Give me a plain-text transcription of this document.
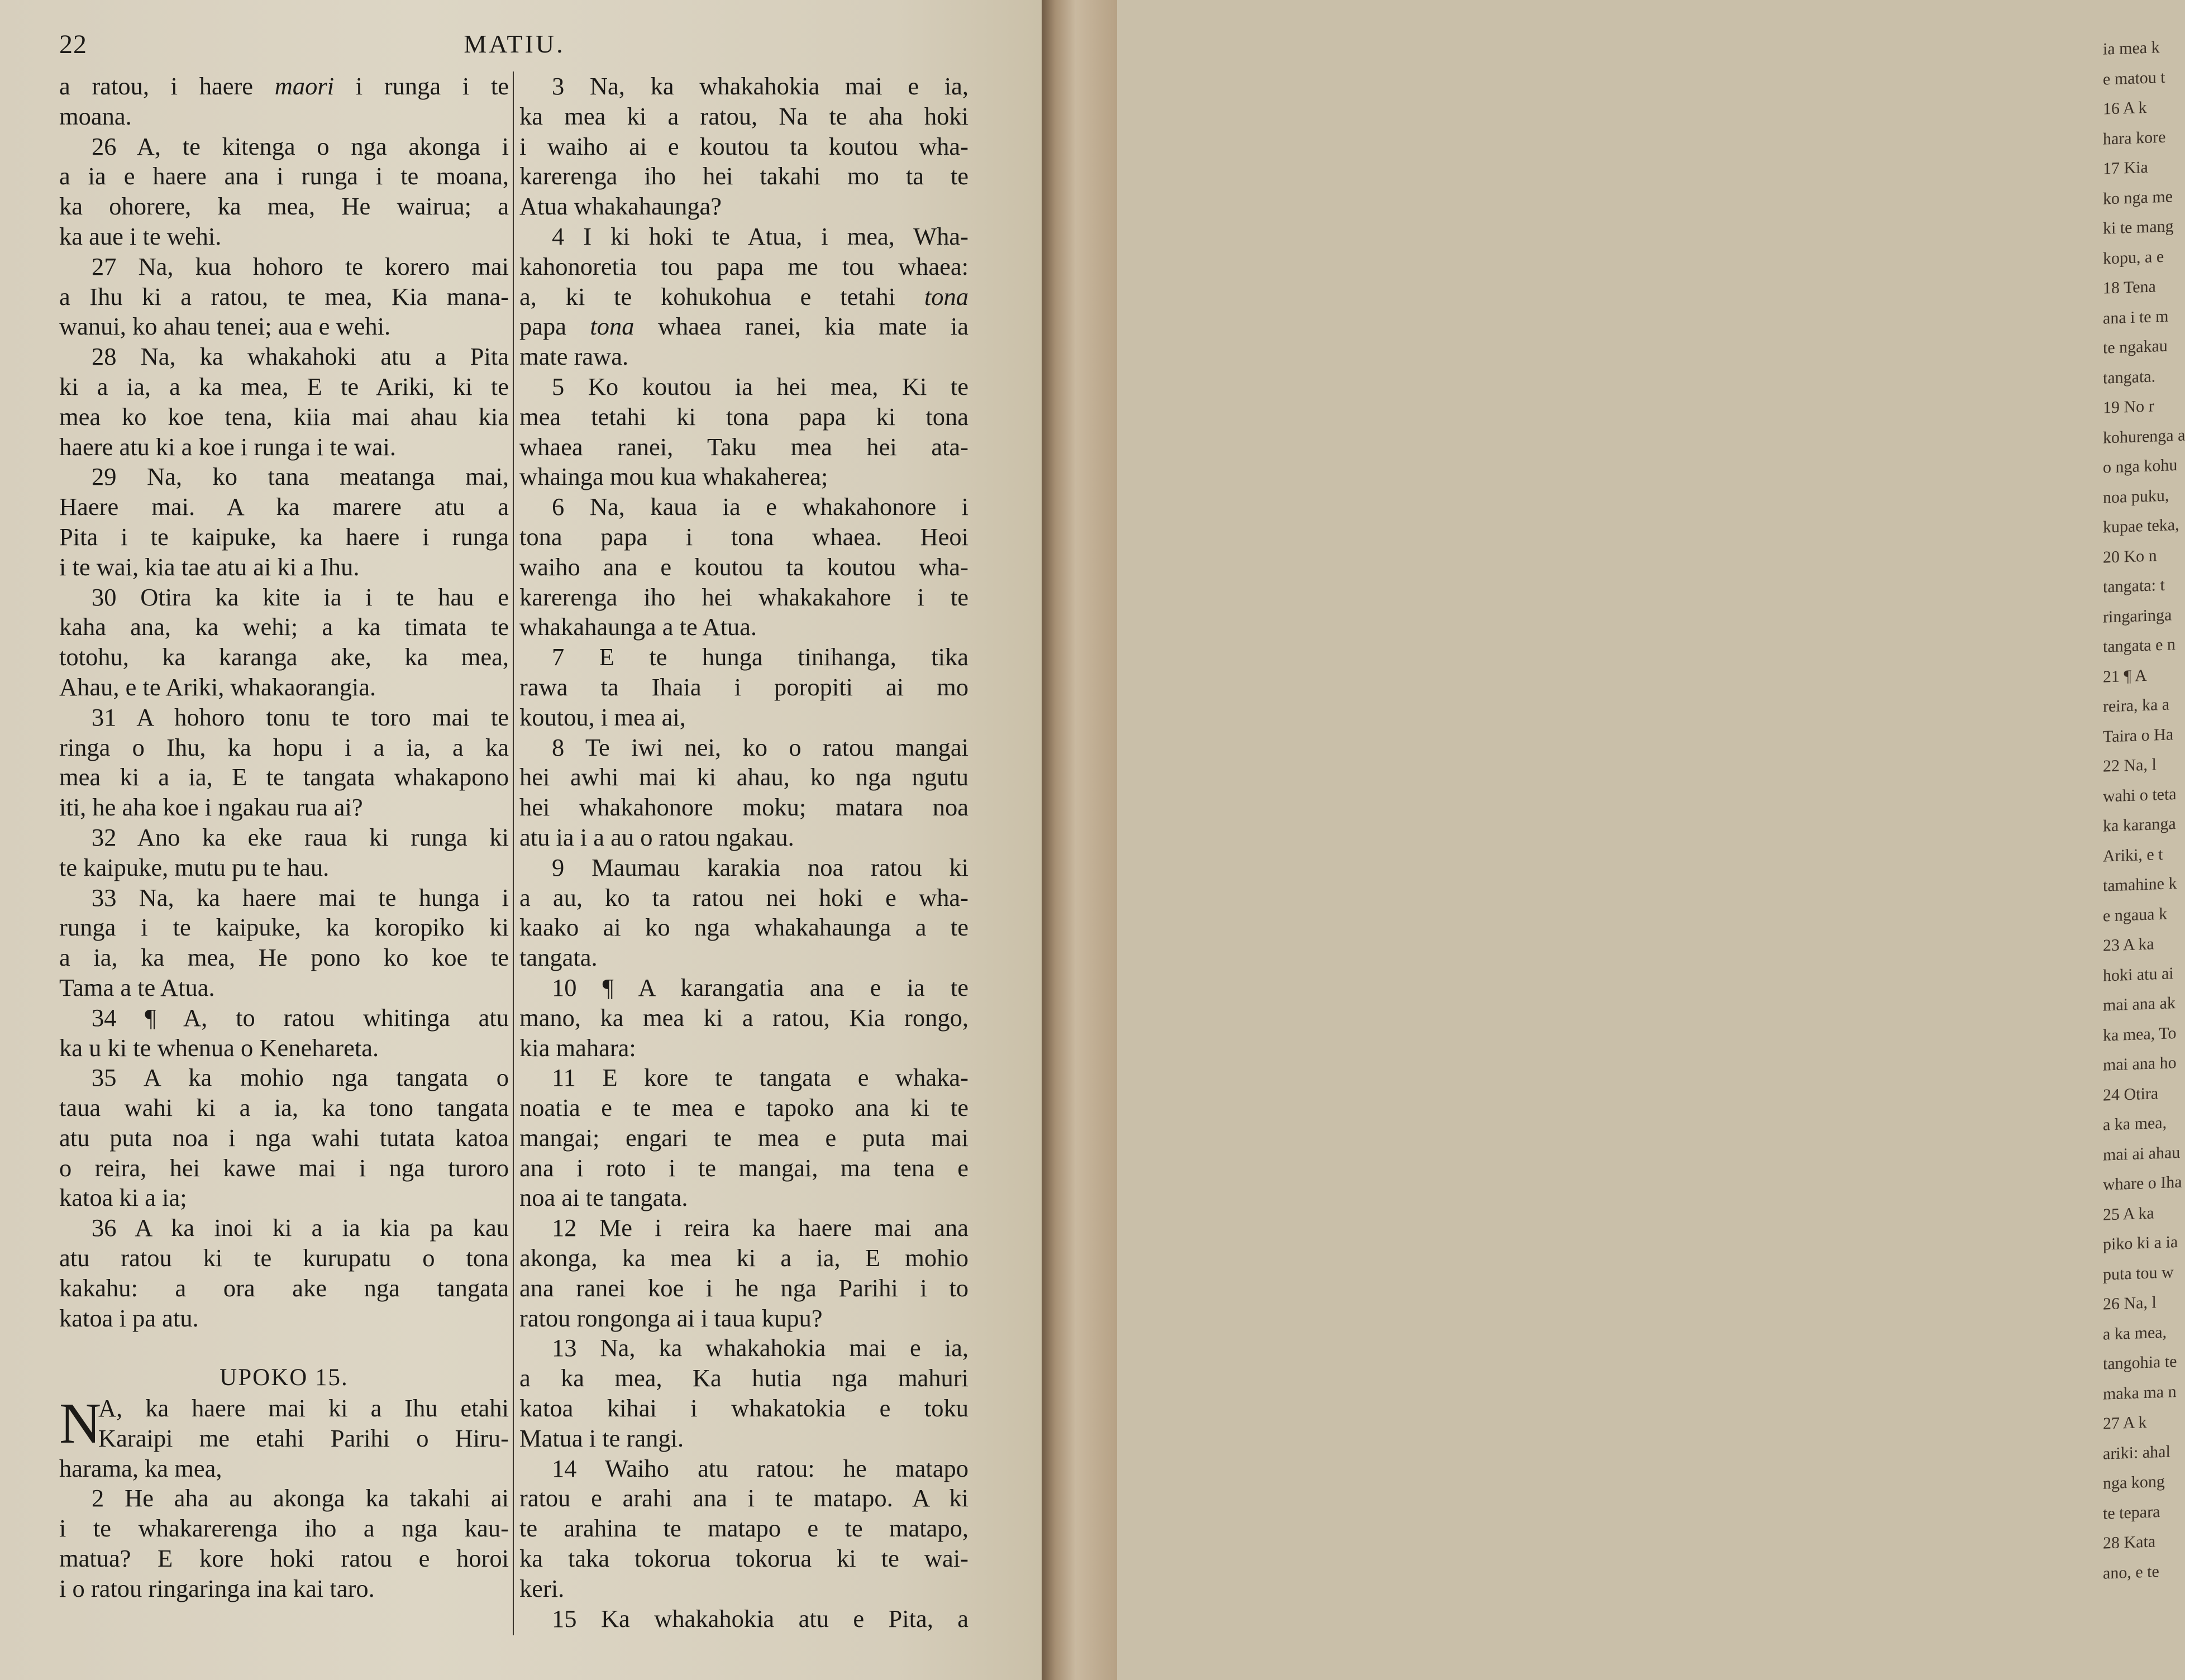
22	MATIU.
a ratou, i haere maori i runga i te
moana.
26 A, te kitenga o nga akonga i
a ia e haere ana i runga i te moana,
ka ohorere, ka mea, He wairua; a
ka aue i te wehi.
27 Na, kua hohoro te korero mai
a Ihu ki a ratou, te mea, Kia mana-
wanui, ko ahau tenei; aua e wehi.
28 Na, ka whakahoki atu a Pita
ki a ia, a ka mea, E te Ariki, ki te
mea ko koe tena, kiia mai ahau kia
haere atu ki a koe i runga i te wai.
29 Na, ko tana meatanga mai,
Haere mai. A ka marere atu a
Pita i te kaipuke, ka haere i runga
i te wai, kia tae atu ai ki a Ihu.
30 Otira ka kite ia i te hau e
kaha ana, ka wehi; a ka timata te
totohu, ka karanga ake, ka mea,
Ahau, e te Ariki, whakaorangia.
31 A hohoro tonu te toro mai te
ringa o Ihu, ka hopu i a ia, a ka
mea ki a ia, E te tangata whakapono
iti, he aha koe i ngakau rua ai?
32 Ano ka eke raua ki runga ki
te kaipuke, mutu pu te hau.
33 Na, ka haere mai te hunga i
runga i te kaipuke, ka koropiko ki
a ia, ka mea, He pono ko koe te
Tama a te Atua.
34 ¶ A, to ratou whitinga atu
ka u ki te whenua o Kenehareta.
35 A ka mohio nga tangata o
taua wahi ki a ia, ka tono tangata
atu puta noa i nga wahi tutata katoa
o reira, hei kawe mai i nga turoro
katoa ki a ia;
36 A ka inoi ki a ia kia pa kau
atu ratou ki te kurupatu o tona
kakahu: a ora ake nga tangata
katoa i pa atu.
UPOKO 15.
N
A, ka haere mai ki a Ihu etahi
Karaipi me etahi Parihi o Hiru-
harama, ka mea,
2 He aha au akonga ka takahi ai
i te whakarerenga iho a nga kau-
matua? E kore hoki ratou e horoi
i o ratou ringaringa ina kai taro.
3 Na, ka whakahokia mai e ia,
ka mea ki a ratou, Na te aha hoki
i waiho ai e koutou ta koutou wha-
karerenga iho hei takahi mo ta te
Atua whakahaunga?
4 I ki hoki te Atua, i mea, Wha-
kahonoretia tou papa me tou whaea:
a, ki te kohukohua e tetahi tona
papa tona whaea ranei, kia mate ia
mate rawa.
5 Ko koutou ia hei mea, Ki te
mea tetahi ki tona papa ki tona
whaea ranei, Taku mea hei ata-
whainga mou kua whakaherea;
6 Na, kaua ia e whakahonore i
tona papa i tona whaea. Heoi
waiho ana e koutou ta koutou wha-
karerenga iho hei whakakahore i te
whakahaunga a te Atua.
7 E te hunga tinihanga, tika
rawa ta Ihaia i poropiti ai mo
koutou, i mea ai,
8 Te iwi nei, ko o ratou mangai
hei awhi mai ki ahau, ko nga ngutu
hei whakahonore moku; matara noa
atu ia i a au o ratou ngakau.
9 Maumau karakia noa ratou ki
a au, ko ta ratou nei hoki e wha-
kaako ai ko nga whakahaunga a te
tangata.
10 ¶ A karangatia ana e ia te
mano, ka mea ki a ratou, Kia rongo,
kia mahara:
11 E kore te tangata e whaka-
noatia e te mea e tapoko ana ki te
mangai; engari te mea e puta mai
ana i roto i te mangai, ma tena e
noa ai te tangata.
12 Me i reira ka haere mai ana
akonga, ka mea ki a ia, E mohio
ana ranei koe i he nga Parihi i to
ratou rongonga ai i taua kupu?
13 Na, ka whakahokia mai e ia,
a ka mea, Ka hutia nga mahuri
katoa kihai i whakatokia e toku
Matua i te rangi.
14 Waiho atu ratou: he matapo
ratou e arahi ana i te matapo. A ki
te arahina te matapo e te matapo,
ka taka tokorua tokorua ki te wai-
keri.
15 Ka whakahokia atu e Pita, a
ia mea k
e matou t
16 A k
hara kore
17 Kia
ko nga me
ki te mang
kopu, a e
18 Tena
ana i te m
te ngakau
tangata.
19 No r
kohurenga a
o nga kohu
noa puku,
kupae teka,
20 Ko n
tangata: t
ringaringa
tangata e n
21 ¶ A
reira, ka a
Taira o Ha
22 Na, l
wahi o teta
ka karanga
Ariki, e t
tamahine k
e ngaua k
23 A ka
hoki atu ai
mai ana ak
ka mea, To
mai ana ho
24 Otira
a ka mea,
mai ai ahau
whare o Iha
25 A ka
piko ki a ia
puta tou w
26 Na, l
a ka mea,
tangohia te
maka ma n
27 A k
ariki: ahal
nga kong
te tepara
28 Kata
ano, e te
